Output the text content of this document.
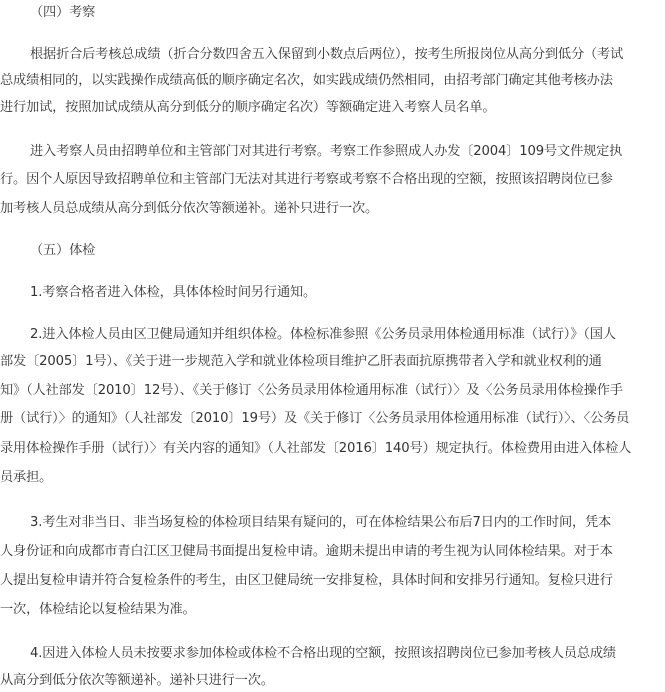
（四）考察
根据折合后考核总成绩（折合分数四舍五入保留到小数点后两位），按考生所报岗位从高分到低分（考试
总成绩相同的，以实践操作成绩高低的顺序确定名次，如实践成绩仍然相同，由招考部门确定其他考核办法
进行加试，按照加试成绩从高分到低分的顺序确定名次）等额确定进入考察人员名单。
进入考察人员由招聘单位和主管部门对其进行考察。考察工作参照成人办发〔2004〕109号文件规定执
行。因个人原因导致招聘单位和主管部门无法对其进行考察或考察不合格出现的空额，按照该招聘岗位已参
加考核人员总成绩从高分到低分依次等额递补。递补只进行一次。
（五）体检
1.考察合格者进入体检，具体体检时间另行通知。
2.进入体检人员由区卫健局通知并组织体检。体检标准参照《公务员录用体检通用标准（试行）》（国人
部发〔2005〕1号）、《关于进一步规范入学和就业体检项目维护乙肝表面抗原携带者入学和就业权利的通
知》（人社部发〔2010〕12号）、《关于修订〈公务员录用体检通用标准（试行）〉及〈公务员录用体检操作手
册（试行）〉的通知》（人社部发〔2010〕19号）及《关于修订〈公务员录用体检通用标准（试行）〉、〈公务员
录用体检操作手册（试行）〉有关内容的通知》（人社部发〔2016〕140号）规定执行。体检费用由进入体检人
员承担。
3.考生对非当日、非当场复检的体检项目结果有疑问的，可在体检结果公布后7日内的工作时间，凭本
人身份证和向成都市青白江区卫健局书面提出复检申请。逾期未提出申请的考生视为认同体检结果。对于本
人提出复检申请并符合复检条件的考生，由区卫健局统一安排复检，具体时间和安排另行通知。复检只进行
一次，体检结论以复检结果为准。
4.因进入体检人员未按要求参加体检或体检不合格出现的空额，按照该招聘岗位已参加考核人员总成绩
从高分到低分依次等额递补。递补只进行一次。
